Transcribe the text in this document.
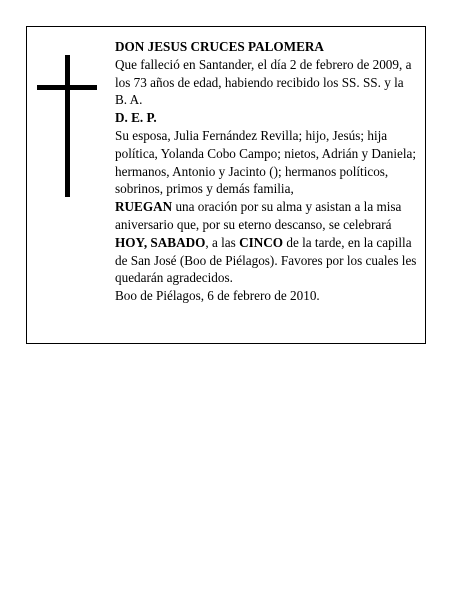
DON JESUS CRUCES PALOMERA

Que falleció en Santander, el día 2 de febrero de 2009, a los 73 años de edad, habiendo recibido los SS. SS. y la B. A.

D. E. P.

Su esposa, Julia Fernández Revilla; hijo, Jesús; hija política, Yolanda Cobo Campo; nietos, Adrián y Daniela; hermanos, Antonio y Jacinto (); hermanos políticos, sobrinos, primos y demás familia,

RUEGAN una oración por su alma y asistan a la misa aniversario que, por su eterno descanso, se celebrará HOY, SABADO, a las CINCO de la tarde, en la capilla de San José (Boo de Piélagos). Favores por los cuales les quedarán agradecidos.

Boo de Piélagos, 6 de febrero de 2010.
